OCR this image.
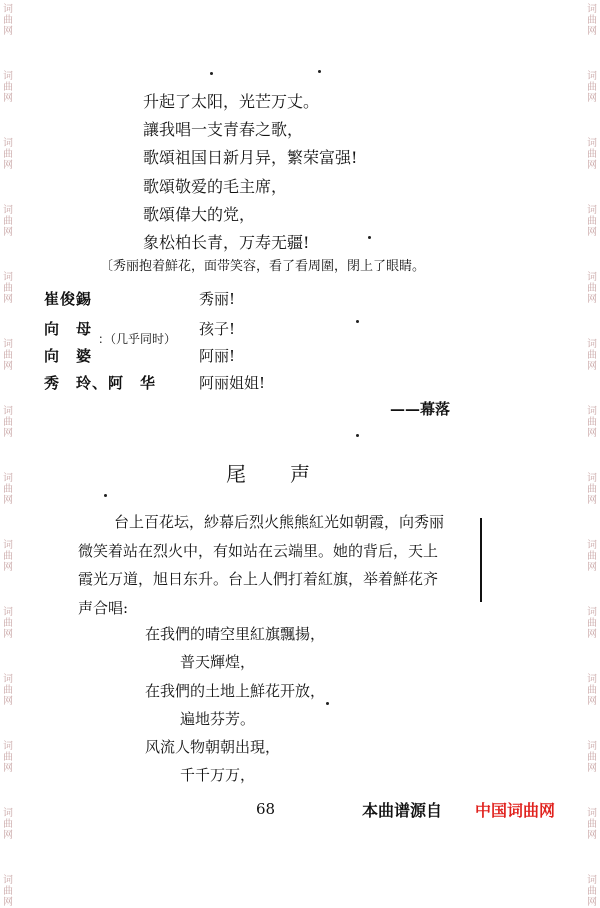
词
曲
网
词
曲
网
词
曲
网
词
曲
网
词
曲
网
词
曲
网
词
曲
网
词
曲
网
词
曲
网
词
曲
网
词
曲
网
词
曲
网
词
曲
网
词
曲
网
词
曲
网
词
曲
网
词
曲
网
词
曲
网
词
曲
网
词
曲
网
词
曲
网
词
曲
网
词
曲
网
词
曲
网
词
曲
网
词
曲
网
词
曲
网
词
曲
网
升起了太阳，光芒万丈。
讓我唱一支青春之歌，
歌頌祖国日新月异，繁荣富强!
歌頌敬爱的毛主席，
歌頌偉大的党，
象松柏长青，万寿无疆!
〔秀丽抱着鮮花，面带笑容，看了看周圍，閉上了眼睛。
崔俊錫	秀丽!
向　母	孩子!
：（几乎同时）
向　婆	阿丽!
秀　玲、阿　华	阿丽姐姐!
——幕落
尾声
台上百花坛，紗幕后烈火熊熊紅光如朝霞，向秀丽
微笑着站在烈火中，有如站在云端里。她的背后，天上
霞光万道，旭日东升。台上人們打着紅旗，举着鮮花齐
声合唱:
在我們的晴空里紅旗飄揚，
普天輝煌，
在我們的土地上鮮花开放，
遍地芬芳。
风流人物朝朝出現，
千千万万，
68	本曲谱源自 中国词曲网
